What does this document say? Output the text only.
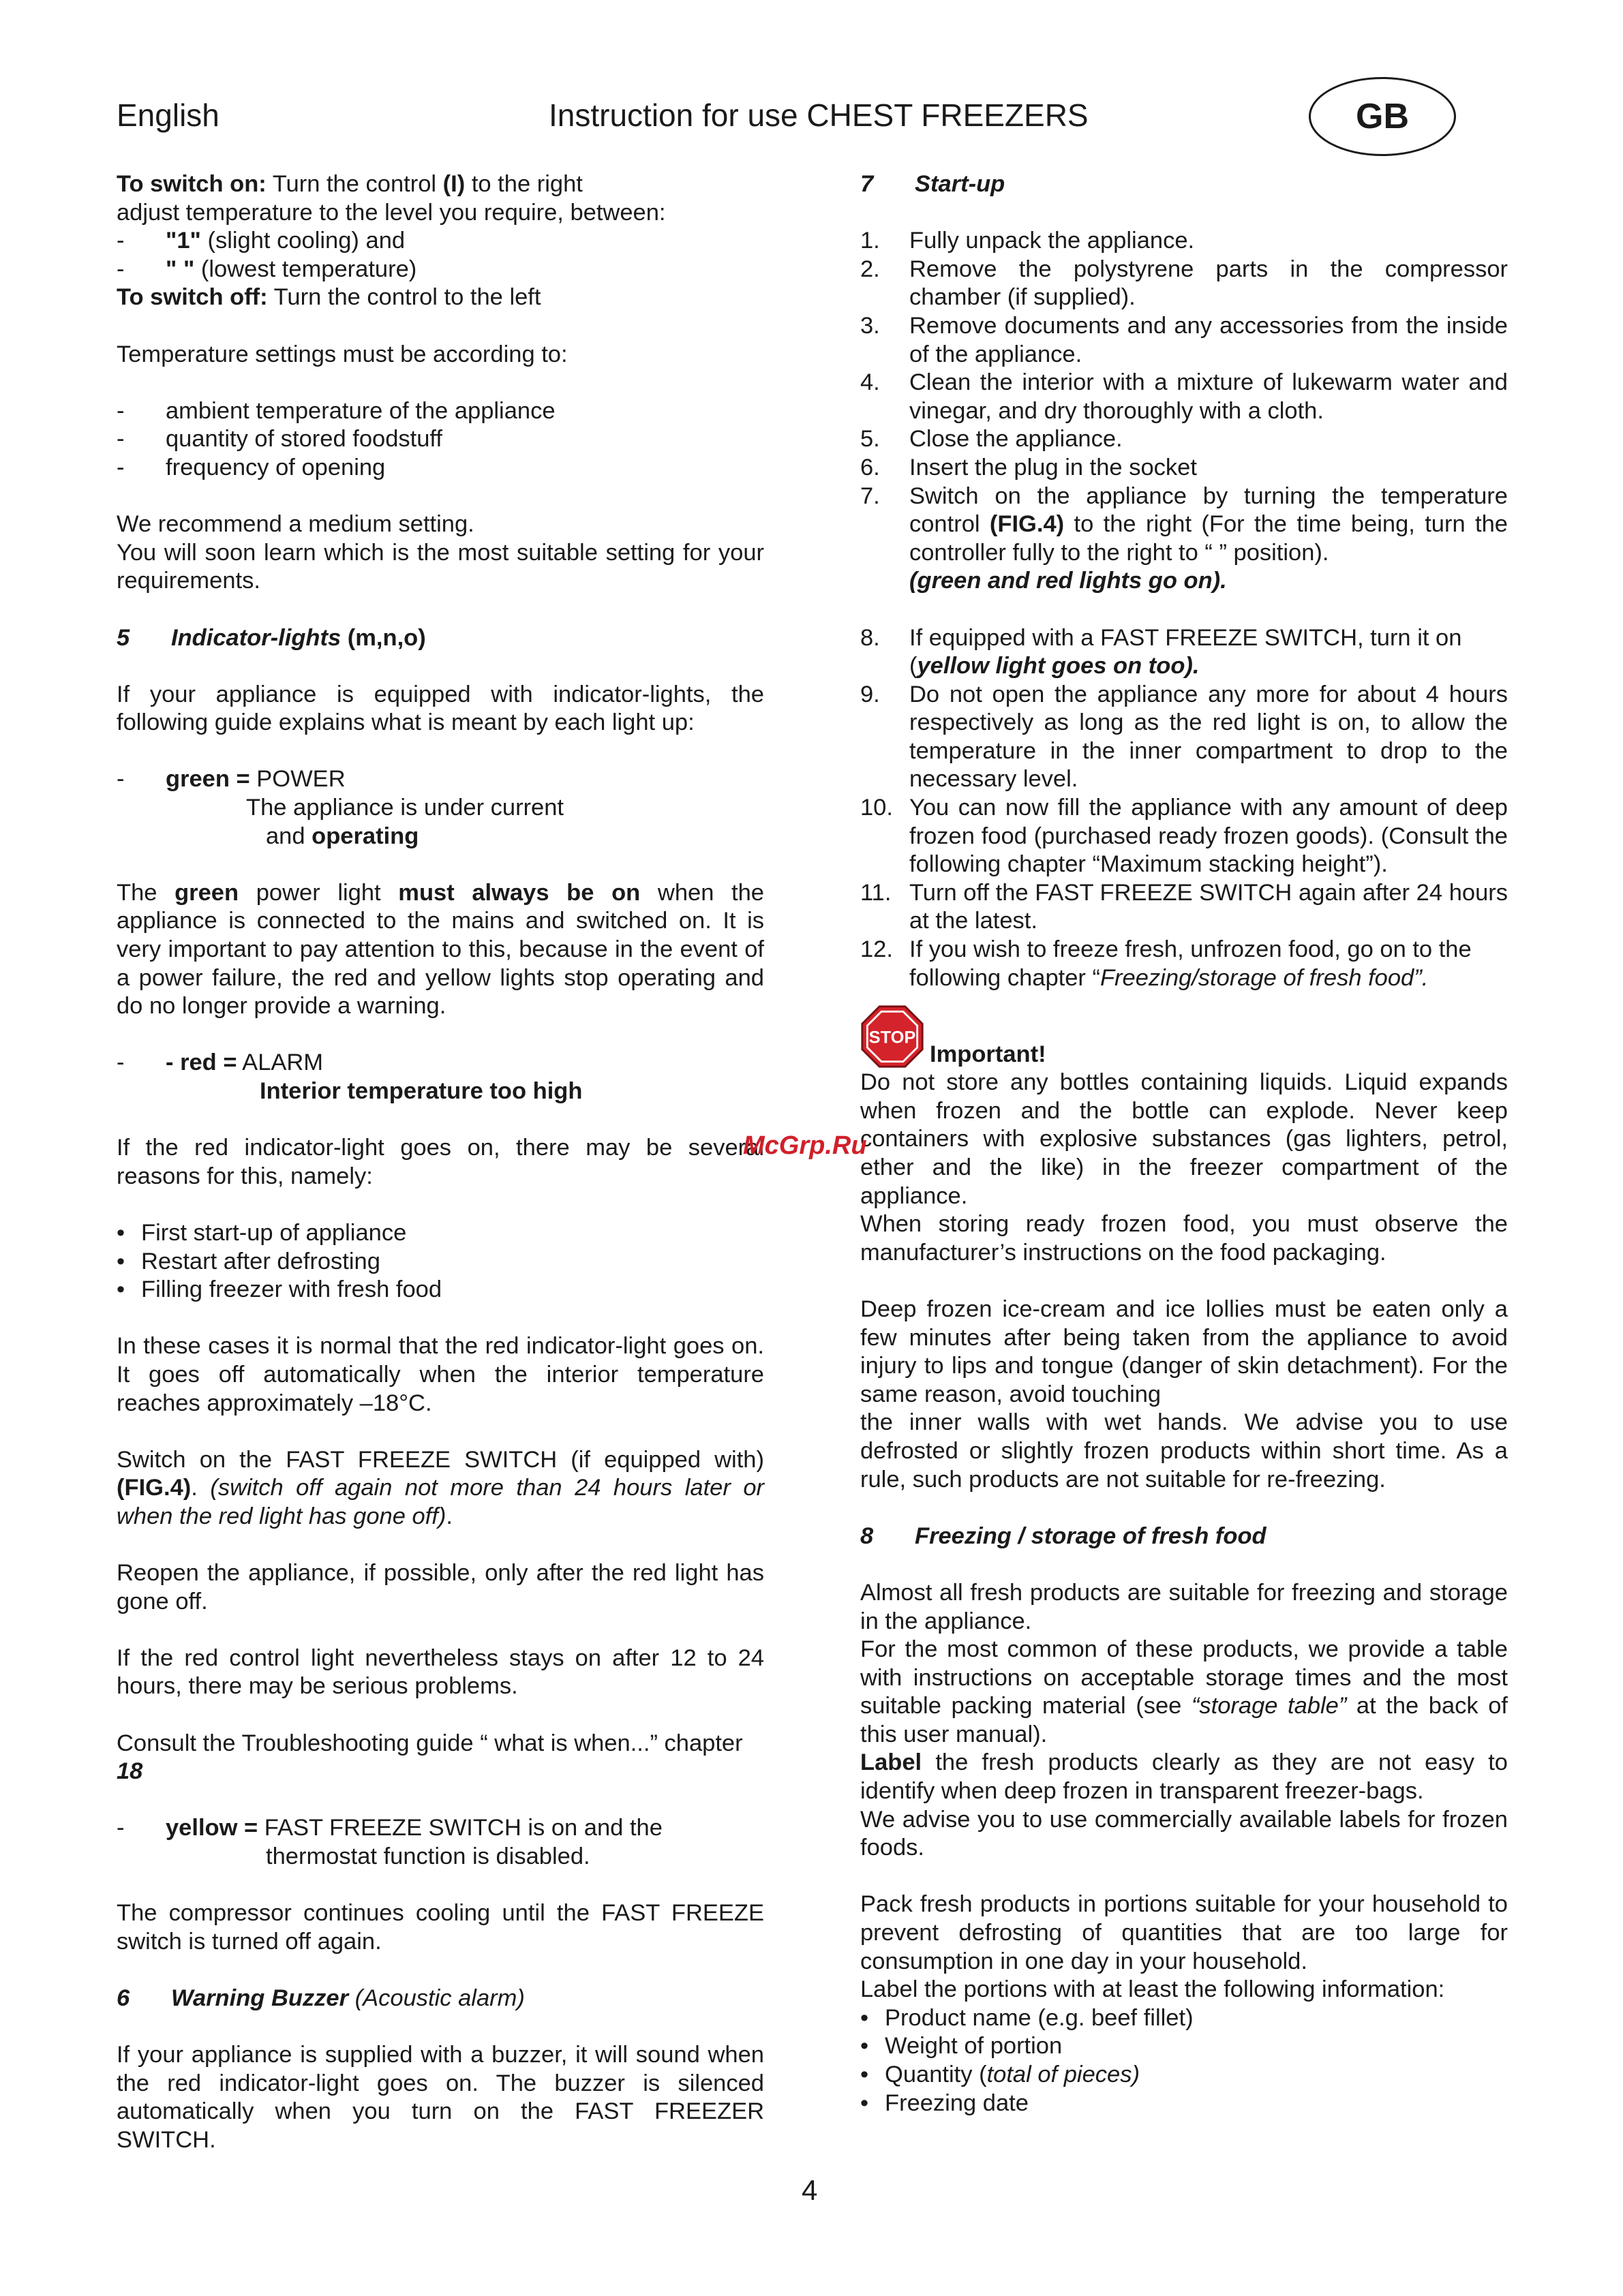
English	Instruction for use CHEST FREEZERS	GB

To switch on: Turn the control (I) to the right

adjust temperature to the level you require, between:

-	"1" (slight cooling) and
-	" " (lowest temperature)

To switch off: Turn the control to the left

Temperature settings must be according to:

-	ambient temperature of the appliance
-	quantity of stored foodstuff
-	frequency of opening

We recommend a medium setting.

You will soon learn which is the most suitable setting for your requirements.

5	Indicator-lights (m,n,o)

If your appliance is equipped with indicator-lights, the following guide explains what is meant by each light up:

-	green = POWER

The appliance is under current

and operating

The green power light must always be on when the appliance is connected to the mains and switched on. It is very important to pay attention to this, because in the event of a power failure, the red and yellow lights stop operating and do no longer provide a warning.

-	- red = ALARM

Interior temperature too high

If the red indicator-light goes on, there may be several reasons for this, namely:

• First start-up of appliance
• Restart after defrosting
• Filling freezer with fresh food

In these cases it is normal that the red indicator-light goes on. It goes off automatically when the interior temperature reaches approximately –18°C.

Switch on the FAST FREEZE SWITCH (if equipped with) (FIG.4). (switch off again not more than 24 hours later or when the red light has gone off).

Reopen the appliance, if possible, only after the red light has gone off.

If the red control light nevertheless stays on after 12 to 24 hours, there may be serious problems.

Consult the Troubleshooting guide “ what is when...” chapter 18

-	yellow = FAST FREEZE SWITCH is on and the

thermostat function is disabled.

The compressor continues cooling until the FAST FREEZE switch is turned off again.

6	Warning Buzzer (Acoustic alarm)

If your appliance is supplied with a buzzer, it will sound when the red indicator-light goes on. The buzzer is silenced automatically when you turn on the FAST FREEZER SWITCH.

7	Start-up
1.	Fully unpack the appliance.
2.	Remove the polystyrene parts in the compressor chamber (if supplied).
3.	Remove documents and any accessories from the inside of the appliance.
4.	Clean the interior with a mixture of lukewarm water and vinegar, and dry thoroughly with a cloth.
5.	Close the appliance.
6.	Insert the plug in the socket
7.	Switch on the appliance by turning the temperature control (FIG.4) to the right (For the time being, turn the controller fully to the right to “ ” position).
(green and red lights go on).
8.	If equipped with a FAST FREEZE SWITCH, turn it on (yellow light goes on too).
9.	Do not open the appliance any more for about 4 hours respectively as long as the red light is on, to allow the temperature in the inner compartment to drop to the necessary level.
10. You can now fill the appliance with any amount of deep frozen food (purchased ready frozen goods). (Consult the following chapter “Maximum stacking height”).
11. Turn off the FAST FREEZE SWITCH again after 24 hours at the latest.
12. If you wish to freeze fresh, unfrozen food, go on to the following chapter “Freezing/storage of fresh food”.
STOP
Important!

Do not store any bottles containing liquids. Liquid expands when frozen and the bottle can explode. Never keep containers with explosive substances (gas lighters, petrol, ether and the like) in the freezer compartment of the appliance.

When storing ready frozen food, you must observe the manufacturer’s instructions on the food packaging.

Deep frozen ice-cream and ice lollies must be eaten only a few minutes after being taken from the appliance to avoid injury to lips and tongue (danger of skin detachment). For the same reason, avoid touching

the inner walls with wet hands. We advise you to use defrosted or slightly frozen products within short time. As a rule, such products are not suitable for re-freezing.

8	Freezing / storage of fresh food

Almost all fresh products are suitable for freezing and storage in the appliance.

For the most common of these products, we provide a table with instructions on acceptable storage times and the most suitable packing material (see “storage table” at the back of this user manual).

Label the fresh products clearly as they are not easy to identify when deep frozen in transparent freezer-bags.

We advise you to use commercially available labels for frozen foods.

Pack fresh products in portions suitable for your household to prevent defrosting of quantities that are too large for consumption in one day in your household.

Label the portions with at least the following information:

• Product name (e.g. beef fillet)
• Weight of portion
• Quantity (total of pieces)
• Freezing date
McGrp.Ru
4
